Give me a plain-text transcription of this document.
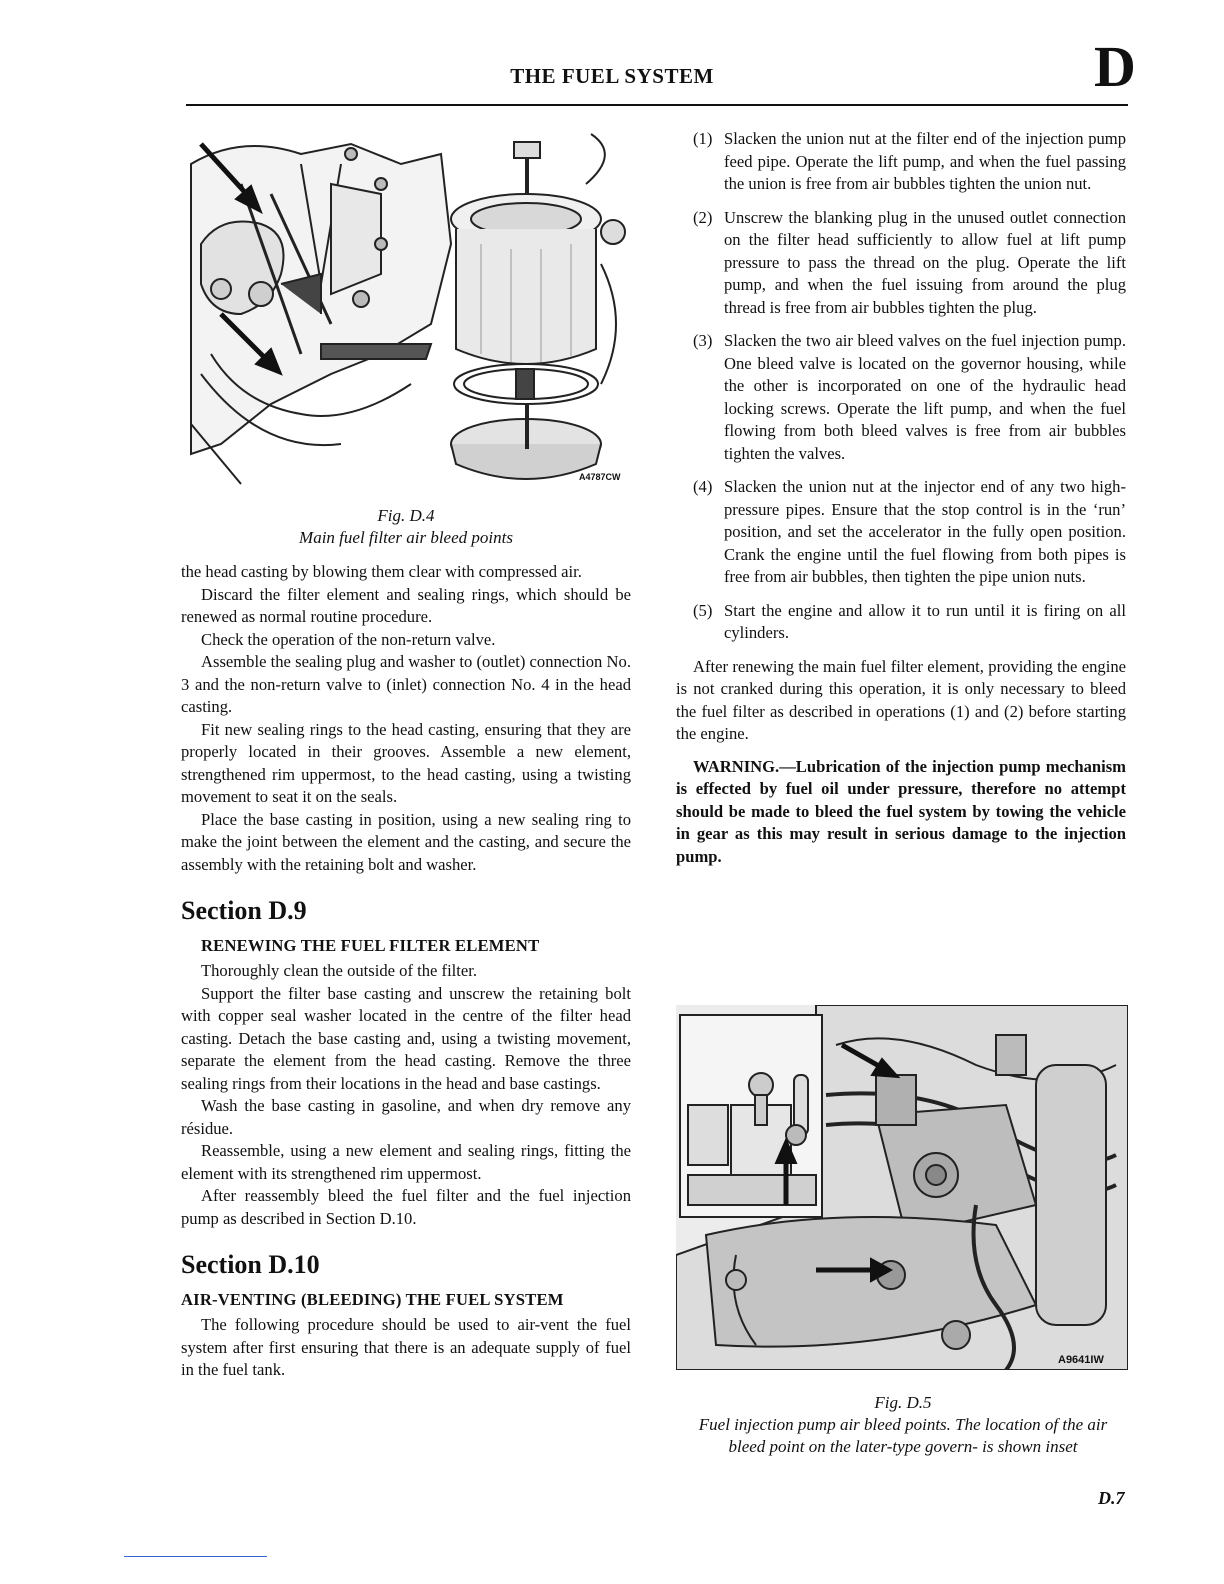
THE FUEL SYSTEM	D
A4787CW
Fig. D.4
Main fuel filter air bleed points

the head casting by blowing them clear with compressed air.

Discard the filter element and sealing rings, which should be renewed as normal routine procedure.

Check the operation of the non-return valve.

Assemble the sealing plug and washer to (outlet) connection No. 3 and the non-return valve to (inlet) connection No. 4 in the head casting.

Fit new sealing rings to the head casting, ensuring that they are properly located in their grooves. Assemble a new element, strengthened rim uppermost, to the head casting, using a twisting movement to seat it on the seals.

Place the base casting in position, using a new sealing ring to make the joint between the element and the casting, and secure the assembly with the retaining bolt and washer.

Section D.9
RENEWING THE FUEL FILTER ELEMENT

Thoroughly clean the outside of the filter.

Support the filter base casting and unscrew the retaining bolt with copper seal washer located in the centre of the filter head casting. Detach the base casting and, using a twisting movement, separate the element from the head casting. Remove the three sealing rings from their locations in the head and base castings.

Wash the base casting in gasoline, and when dry remove any résidue.

Reassemble, using a new element and sealing rings, fitting the element with its strengthened rim uppermost.

After reassembly bleed the fuel filter and the fuel injection pump as described in Section D.10.

Section D.10
AIR-VENTING (BLEEDING) THE FUEL SYSTEM

The following procedure should be used to air-vent the fuel system after first ensuring that there is an adequate supply of fuel in the fuel tank.

(1) Slacken the union nut at the filter end of the injection pump feed pipe. Operate the lift pump, and when the fuel passing the union is free from air bubbles tighten the union nut.
(2) Unscrew the blanking plug in the unused outlet connection on the filter head sufficiently to allow fuel at lift pump pressure to pass the thread on the plug. Operate the lift pump, and when the fuel issuing from around the plug thread is free from air bubbles tighten the plug.
(3) Slacken the two air bleed valves on the fuel injection pump. One bleed valve is located on the governor housing, while the other is incorporated on one of the hydraulic head locking screws. Operate the lift pump, and when the fuel flowing from both bleed valves is free from air bubbles tighten the valves.
(4) Slacken the union nut at the injector end of any two high-pressure pipes. Ensure that the stop control is in the ‘run’ position, and set the accelerator in the fully open position. Crank the engine until the fuel flowing from both pipes is free from air bubbles, then tighten the pipe union nuts.
(5) Start the engine and allow it to run until it is firing on all cylinders.

After renewing the main fuel filter element, providing the engine is not cranked during this operation, it is only necessary to bleed the fuel filter as described in operations (1) and (2) before starting the engine.

WARNING.—Lubrication of the injection pump mechanism is effected by fuel oil under pressure, therefore no attempt should be made to bleed the fuel system by towing the vehicle in gear as this may result in serious damage to the injection pump.

A9641IW
Fig. D.5
Fuel injection pump air bleed points. The location of the air bleed point on the later-type govern- is shown inset
D.7
